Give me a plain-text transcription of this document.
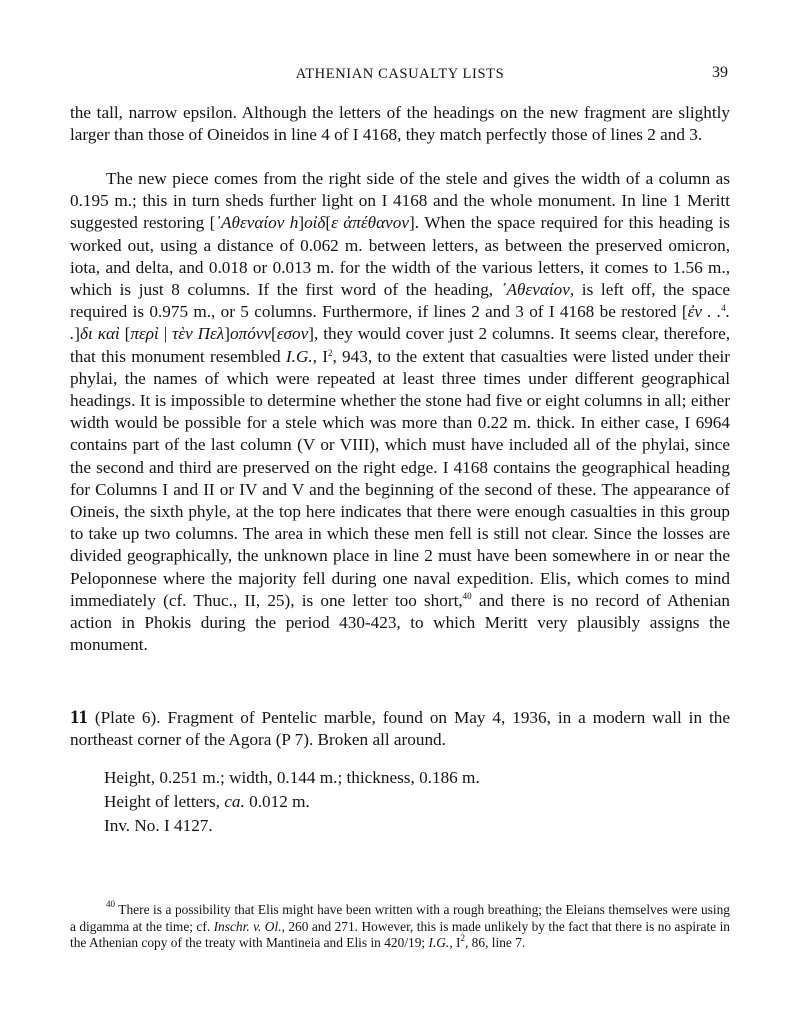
ATHENIAN CASUALTY LISTS	39

the tall, narrow epsilon. Although the letters of the headings on the new fragment are slightly larger than those of Oineidos in line 4 of I 4168, they match perfectly those of lines 2 and 3.

The new piece comes from the right side of the stele and gives the width of a column as 0.195 m.; this in turn sheds further light on I 4168 and the whole monument. In line 1 Meritt suggested restoring [᾿Αθεναίον h]οἰδ[ε ἀπέθανον]. When the space required for this heading is worked out, using a distance of 0.062 m. between letters, as between the preserved omicron, iota, and delta, and 0.018 or 0.013 m. for the width of the various letters, it comes to 1.56 m., which is just 8 columns. If the first word of the heading, ᾿Αθεναίον, is left off, the space required is 0.975 m., or 5 columns. Furthermore, if lines 2 and 3 of I 4168 be restored [ἐν . .$^4$. .]δι καὶ [περὶ | τὲν Πελ]οπόνν[εσον], they would cover just 2 columns. It seems clear, therefore, that this monument resembled I.G., $I^2$, 943, to the extent that casualties were listed under their phylai, the names of which were repeated at least three times under different geographical headings. It is impossible to determine whether the stone had five or eight columns in all; either width would be possible for a stele which was more than 0.22 m. thick. In either case, I 6964 contains part of the last column (V or VIII), which must have included all of the phylai, since the second and third are preserved on the right edge. I 4168 contains the geographical heading for Columns I and II or IV and V and the beginning of the second of these. The appearance of Oineis, the sixth phyle, at the top here indicates that there were enough casualties in this group to take up two columns. The area in which these men fell is still not clear. Since the losses are divided geographically, the unknown place in line 2 must have been somewhere in or near the Peloponnese where the majority fell during one naval expedition. Elis, which comes to mind immediately (cf. Thuc., II, 25), is one letter too short,$^{40}$ and there is no record of Athenian action in Phokis during the period 430-423, to which Meritt very plausibly assigns the monument.

11 (Plate 6). Fragment of Pentelic marble, found on May 4, 1936, in a modern wall in the northeast corner of the Agora (P 7). Broken all around.

Height, 0.251 m.; width, 0.144 m.; thickness, 0.186 m.
Height of letters, ca. 0.012 m.
Inv. No. I 4127.
$^{40}$ There is a possibility that Elis might have been written with a rough breathing; the Eleians themselves were using a digamma at the time; cf. Inschr. v. Ol., 260 and 271. However, this is made unlikely by the fact that there is no aspirate in the Athenian copy of the treaty with Mantineia and Elis in 420/19; I.G., $I^2$, 86, line 7.
